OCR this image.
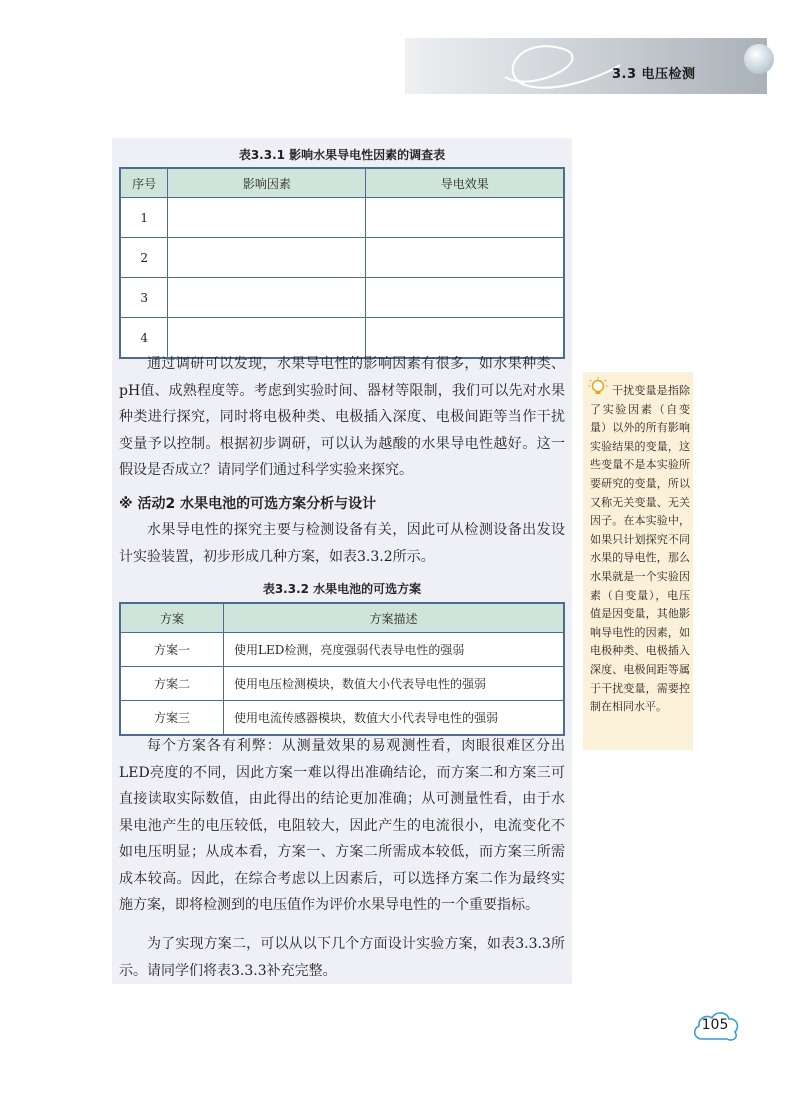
3.3 电压检测
表3.3.1 影响水果导电性因素的调查表
序号	影响因素	导电效果
1		
2		
3		
4		

通过调研可以发现，水果导电性的影响因素有很多，如水果种类、pH值、成熟程度等。考虑到实验时间、器材等限制，我们可以先对水果种类进行探究，同时将电极种类、电极插入深度、电极间距等当作干扰变量予以控制。根据初步调研，可以认为越酸的水果导电性越好。这一假设是否成立？请同学们通过科学实验来探究。

※ 活动2 水果电池的可选方案分析与设计

水果导电性的探究主要与检测设备有关，因此可从检测设备出发设计实验装置，初步形成几种方案，如表3.3.2所示。

表3.3.2 水果电池的可选方案
方案	方案描述
方案一	使用LED检测，亮度强弱代表导电性的强弱
方案二	使用电压检测模块，数值大小代表导电性的强弱
方案三	使用电流传感器模块，数值大小代表导电性的强弱

每个方案各有利弊：从测量效果的易观测性看，肉眼很难区分出LED亮度的不同，因此方案一难以得出准确结论，而方案二和方案三可直接读取实际数值，由此得出的结论更加准确；从可测量性看，由于水果电池产生的电压较低，电阻较大，因此产生的电流很小，电流变化不如电压明显；从成本看，方案一、方案二所需成本较低，而方案三所需成本较高。因此，在综合考虑以上因素后，可以选择方案二作为最终实施方案，即将检测到的电压值作为评价水果导电性的一个重要指标。

为了实现方案二，可以从以下几个方面设计实验方案，如表3.3.3所示。请同学们将表3.3.3补充完整。

干扰变量是指除了实验因素（自变量）以外的所有影响实验结果的变量，这些变量不是本实验所要研究的变量，所以又称无关变量、无关因子。在本实验中，如果只计划探究不同水果的导电性，那么水果就是一个实验因素（自变量），电压值是因变量，其他影响导电性的因素，如电极种类、电极插入深度、电极间距等属于干扰变量，需要控制在相同水平。

105
